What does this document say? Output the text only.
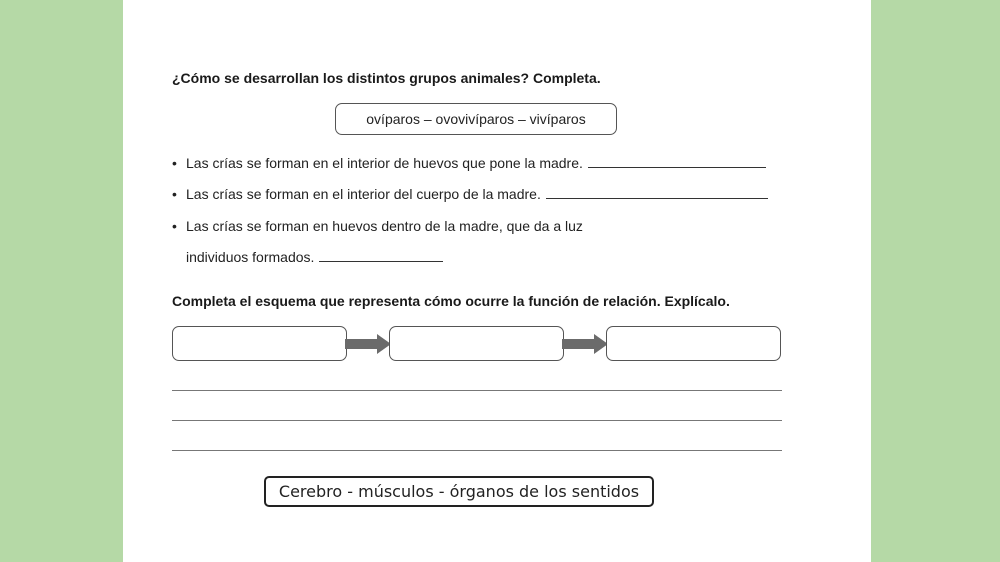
¿Cómo se desarrollan los distintos grupos animales? Completa.
ovíparos – ovovivíparos – vivíparos
• Las crías se forman en el interior de huevos que pone la madre.
• Las crías se forman en el interior del cuerpo de la madre.
• Las crías se forman en huevos dentro de la madre, que da a luz
individuos formados.
Completa el esquema que representa cómo ocurre la función de relación. Explícalo.
Cerebro - músculos - órganos de los sentidos
